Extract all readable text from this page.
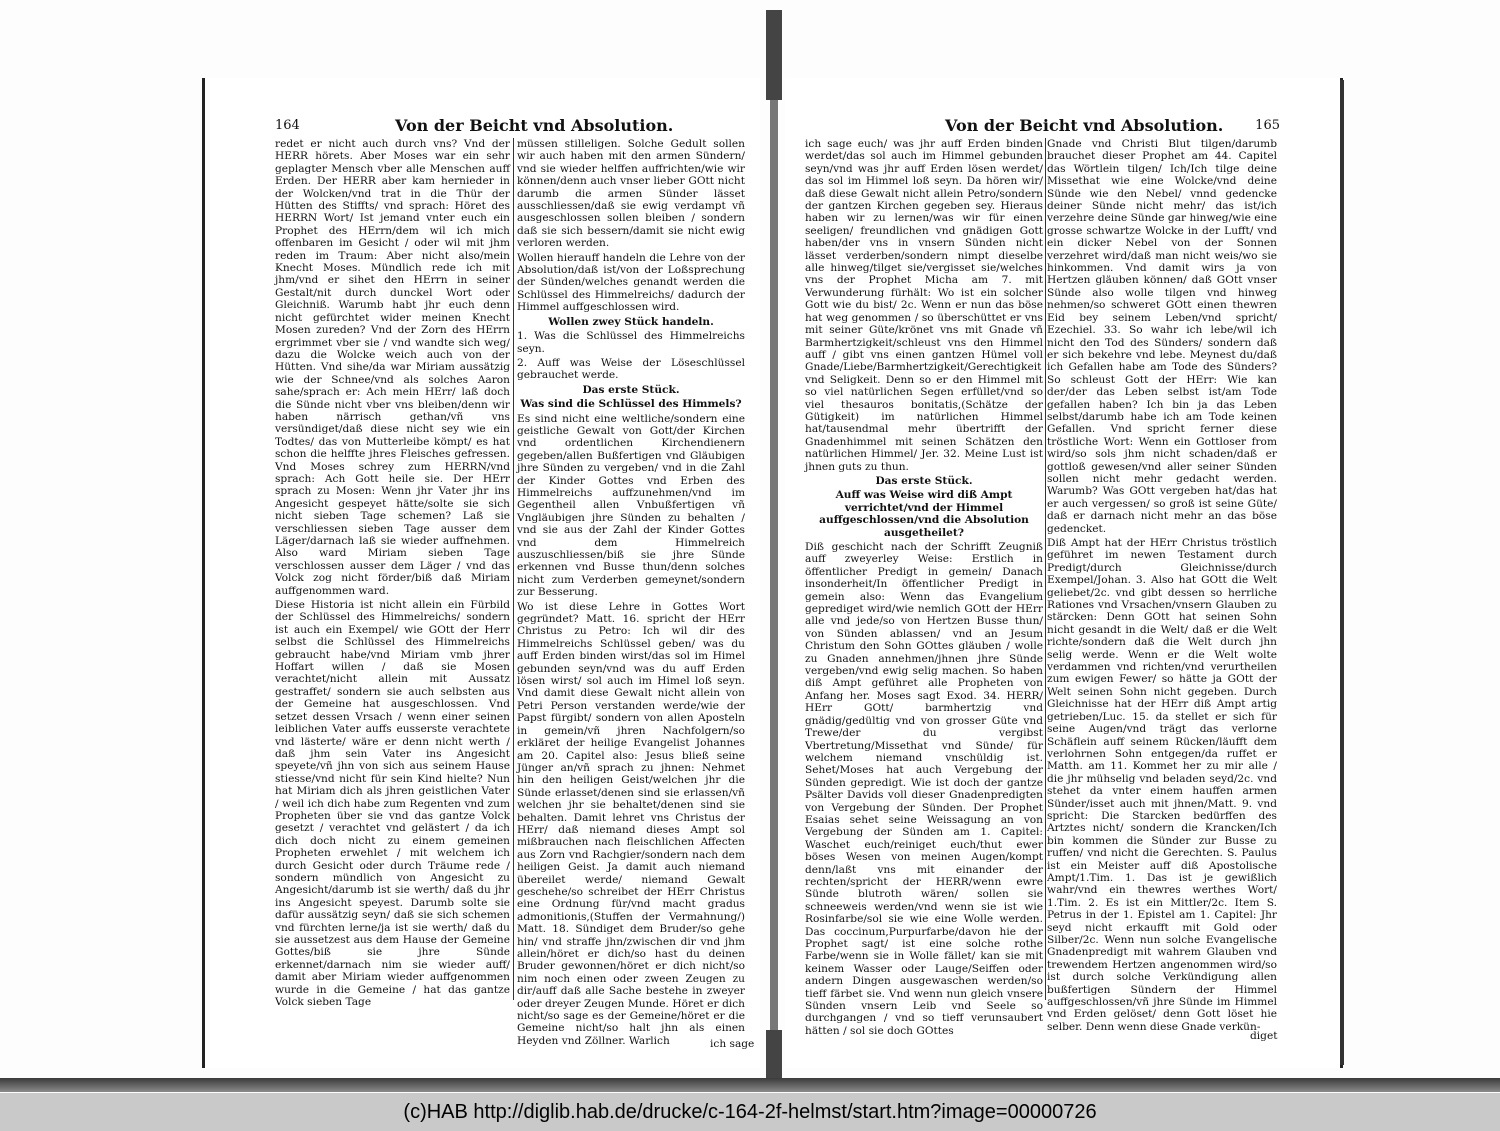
164	Von der Beicht vnd Absolution.

redet er nicht auch durch vns? Vnd der HERR hörets. Aber Moses war ein sehr geplagter Mensch vber alle Menschen auff Erden. Der HERR aber kam hernieder in der Wolcken/vnd trat in die Thür der Hütten des Stiffts/ vnd sprach: Höret des HERRN Wort/ Ist jemand vnter euch ein Prophet des HErrn/dem wil ich mich offenbaren im Gesicht / oder wil mit jhm reden im Traum: Aber nicht also/mein Knecht Moses. Mündlich rede ich mit jhm/vnd er sihet den HErrn in seiner Gestalt/nit durch dunckel Wort oder Gleichniß. Warumb habt jhr euch denn nicht gefürchtet wider meinen Knecht Mosen zureden? Vnd der Zorn des HErrn ergrimmet vber sie / vnd wandte sich weg/ dazu die Wolcke weich auch von der Hütten. Vnd sihe/da war Miriam aussätzig wie der Schnee/vnd als solches Aaron sahe/sprach er: Ach mein HErr/ laß doch die Sünde nicht vber vns bleiben/denn wir haben närrisch gethan/vñ vns versündiget/daß diese nicht sey wie ein Todtes/ das von Mutterleibe kömpt/ es hat schon die helffte jhres Fleisches gefressen. Vnd Moses schrey zum HERRN/vnd sprach: Ach Gott heile sie. Der HErr sprach zu Mosen: Wenn jhr Vater jhr ins Angesicht gespeyet hätte/solte sie sich nicht sieben Tage schemen? Laß sie verschliessen sieben Tage ausser dem Läger/darnach laß sie wieder auffnehmen. Also ward Miriam sieben Tage verschlossen ausser dem Läger / vnd das Volck zog nicht förder/biß daß Miriam auffgenommen ward.

Diese Historia ist nicht allein ein Fürbild der Schlüssel des Himmelreichs/ sondern ist auch ein Exempel/ wie GOtt der Herr selbst die Schlüssel des Himmelreichs gebraucht habe/vnd Miriam vmb jhrer Hoffart willen / daß sie Mosen verachtet/nicht allein mit Aussatz gestraffet/ sondern sie auch selbsten aus der Gemeine hat ausgeschlossen. Vnd setzet dessen Vrsach / wenn einer seinen leiblichen Vater auffs eusserste verachtete vnd lästerte/ wäre er denn nicht werth / daß jhm sein Vater ins Angesicht speyete/vñ jhn von sich aus seinem Hause stiesse/vnd nicht für sein Kind hielte? Nun hat Miriam dich als jhren geistlichen Vater / weil ich dich habe zum Regenten vnd zum Propheten über sie vnd das gantze Volck gesetzt / verachtet vnd gelästert / da ich dich doch nicht zu einem gemeinen Propheten erwehlet / mit welchem ich durch Gesicht oder durch Träume rede / sondern mündlich von Angesicht zu Angesicht/darumb ist sie werth/ daß du jhr ins Angesicht speyest. Darumb solte sie dafür aussätzig seyn/ daß sie sich schemen vnd fürchten lerne/ja ist sie werth/ daß du sie aussetzest aus dem Hause der Gemeine Gottes/biß sie jhre Sünde erkennet/darnach nim sie wieder auff/ damit aber Miriam wieder auffgenommen wurde in die Gemeine / hat das gantze Volck sieben Tage

müssen stilleligen. Solche Gedult sollen wir auch haben mit den armen Sündern/ vnd sie wieder helffen auffrichten/wie wir können/denn auch vnser lieber GOtt nicht darumb die armen Sünder lässet ausschliessen/daß sie ewig verdampt vñ ausgeschlossen sollen bleiben / sondern daß sie sich bessern/damit sie nicht ewig verloren werden.

Wollen hierauff handeln die Lehre von der Absolution/daß ist/von der Loßsprechung der Sünden/welches genandt werden die Schlüssel des Himmelreichs/ dadurch der Himmel auffgeschlossen wird.

Wollen zwey Stück handeln.

1. Was die Schlüssel des Himmelreichs seyn.

2. Auff was Weise der Löseschlüssel gebrauchet werde.

Das erste Stück.

Was sind die Schlüssel des Himmels?

Es sind nicht eine weltliche/sondern eine geistliche Gewalt von Gott/der Kirchen vnd ordentlichen Kirchendienern gegeben/allen Bußfertigen vnd Gläubigen jhre Sünden zu vergeben/ vnd in die Zahl der Kinder Gottes vnd Erben des Himmelreichs auffzunehmen/vnd im Gegentheil allen Vnbußfertigen vñ Vngläubigen jhre Sünden zu behalten / vnd sie aus der Zahl der Kinder Gottes vnd dem Himmelreich auszuschliessen/biß sie jhre Sünde erkennen vnd Busse thun/denn solches nicht zum Verderben gemeynet/sondern zur Besserung.

Wo ist diese Lehre in Gottes Wort gegründet? Matt. 16. spricht der HErr Christus zu Petro: Ich wil dir des Himmelreichs Schlüssel geben/ was du auff Erden binden wirst/das sol im Himel gebunden seyn/vnd was du auff Erden lösen wirst/ sol auch im Himel loß seyn. Vnd damit diese Gewalt nicht allein von Petri Person verstanden werde/wie der Papst fürgibt/ sondern von allen Aposteln in gemein/vñ jhren Nachfolgern/so erkläret der heilige Evangelist Johannes am 20. Capitel also: Jesus bließ seine Jünger an/vñ sprach zu jhnen: Nehmet hin den heiligen Geist/welchen jhr die Sünde erlasset/denen sind sie erlassen/vñ welchen jhr sie behaltet/denen sind sie behalten. Damit lehret vns Christus der HErr/ daß niemand dieses Ampt sol mißbrauchen nach fleischlichen Affecten aus Zorn vnd Rachgier/sondern nach dem heiligen Geist. Ja damit auch niemand übereilet werde/ niemand Gewalt geschehe/so schreibet der HErr Christus eine Ordnung für/vnd macht gradus admonitionis,(Stuffen der Vermahnung/) Matt. 18. Sündiget dem Bruder/so gehe hin/ vnd straffe jhn/zwischen dir vnd jhm allein/höret er dich/so hast du deinen Bruder gewonnen/höret er dich nicht/so nim noch einen oder zween Zeugen zu dir/auff daß alle Sache bestehe in zweyer oder dreyer Zeugen Munde. Höret er dich nicht/so sage es der Gemeine/höret er die Gemeine nicht/so halt jhn als einen Heyden vnd Zöllner. Warlich	ich sage
Von der Beicht vnd Absolution. 165

ich sage euch/ was jhr auff Erden binden werdet/das sol auch im Himmel gebunden seyn/vnd was jhr auff Erden lösen werdet/ das sol im Himmel loß seyn. Da hören wir/ daß diese Gewalt nicht allein Petro/sondern der gantzen Kirchen gegeben sey. Hieraus haben wir zu lernen/was wir für einen seeligen/ freundlichen vnd gnädigen Gott haben/der vns in vnsern Sünden nicht lässet verderben/sondern nimpt dieselbe alle hinweg/tilget sie/vergisset sie/welches vns der Prophet Micha am 7. mit Verwunderung fürhält: Wo ist ein solcher Gott wie du bist/ 2c. Wenn er nun das böse hat weg genommen / so überschüttet er vns mit seiner Güte/krönet vns mit Gnade vñ Barmhertzigkeit/schleust vns den Himmel auff / gibt vns einen gantzen Hümel voll Gnade/Liebe/Barmhertzigkeit/Gerechtigkeit vnd Seligkeit. Denn so er den Himmel mit so viel natürlichen Segen erfüllet/vnd so viel thesauros bonitatis,(Schätze der Gütigkeit) im natürlichen Himmel hat/tausendmal mehr übertrifft der Gnadenhimmel mit seinen Schätzen den natürlichen Himmel/ Jer. 32. Meine Lust ist jhnen guts zu thun.

Das erste Stück.

Auff was Weise wird diß Ampt verrichtet/vnd der Himmel auffgeschlossen/vnd die Absolution ausgetheilet?

Diß geschicht nach der Schrifft Zeugniß auff zweyerley Weise: Erstlich in öffentlicher Predigt in gemein/ Danach insonderheit/In öffentlicher Predigt in gemein also: Wenn das Evangelium geprediget wird/wie nemlich GOtt der HErr alle vnd jede/so von Hertzen Busse thun/ von Sünden ablassen/ vnd an Jesum Christum den Sohn GOttes gläuben / wolle zu Gnaden annehmen/jhnen jhre Sünde vergeben/vnd ewig selig machen. So haben diß Ampt geführet alle Propheten von Anfang her. Moses sagt Exod. 34. HERR/ HErr GOtt/ barmhertzig vnd gnädig/gedültig vnd von grosser Güte vnd Trewe/der du vergibst Vbertretung/Missethat vnd Sünde/ für welchem niemand vnschüldig ist. Sehet/Moses hat auch Vergebung der Sünden gepredigt. Wie ist doch der gantze Psälter Davids voll dieser Gnadenpredigten von Vergebung der Sünden. Der Prophet Esaias sehet seine Weissagung an von Vergebung der Sünden am 1. Capitel: Waschet euch/reiniget euch/thut ewer böses Wesen von meinen Augen/kompt denn/laßt vns mit einander der rechten/spricht der HERR/wenn ewre Sünde blutroth wären/ sollen sie schneeweis werden/vnd wenn sie ist wie Rosinfarbe/sol sie wie eine Wolle werden. Das coccinum,Purpurfarbe/davon hie der Prophet sagt/ ist eine solche rothe Farbe/wenn sie in Wolle fället/ kan sie mit keinem Wasser oder Lauge/Seiffen oder andern Dingen ausgewaschen werden/so tieff färbet sie. Vnd wenn nun gleich vnsere Sünden vnsern Leib vnd Seele so durchgangen / vnd so tieff verunsaubert hätten / sol sie doch GOttes

Gnade vnd Christi Blut tilgen/darumb brauchet dieser Prophet am 44. Capitel das Wörtlein tilgen/ Ich/Ich tilge deine Missethat wie eine Wolcke/vnd deine Sünde wie den Nebel/ vnnd gedencke deiner Sünde nicht mehr/ das ist/ich verzehre deine Sünde gar hinweg/wie eine grosse schwartze Wolcke in der Lufft/ vnd ein dicker Nebel von der Sonnen verzehret wird/daß man nicht weis/wo sie hinkommen. Vnd damit wirs ja von Hertzen gläuben können/ daß GOtt vnser Sünde also wolle tilgen vnd hinweg nehmen/so schweret GOtt einen thewren Eid bey seinem Leben/vnd spricht/ Ezechiel. 33. So wahr ich lebe/wil ich nicht den Tod des Sünders/ sondern daß er sich bekehre vnd lebe. Meynest du/daß ich Gefallen habe am Tode des Sünders? So schleust Gott der HErr: Wie kan der/der das Leben selbst ist/am Tode gefallen haben? Ich bin ja das Leben selbst/darumb habe ich am Tode keinen Gefallen. Vnd spricht ferner diese tröstliche Wort: Wenn ein Gottloser from wird/so sols jhm nicht schaden/daß er gottloß gewesen/vnd aller seiner Sünden sollen nicht mehr gedacht werden. Warumb? Was GOtt vergeben hat/das hat er auch vergessen/ so groß ist seine Güte/ daß er darnach nicht mehr an das böse gedencket.

Diß Ampt hat der HErr Christus tröstlich geführet im newen Testament durch Predigt/durch Gleichnisse/durch Exempel/Johan. 3. Also hat GOtt die Welt geliebet/2c. vnd gibt dessen so herrliche Rationes vnd Vrsachen/vnsern Glauben zu stärcken: Denn GOtt hat seinen Sohn nicht gesandt in die Welt/ daß er die Welt richte/sondern daß die Welt durch jhn selig werde. Wenn er die Welt wolte verdammen vnd richten/vnd verurtheilen zum ewigen Fewer/ so hätte ja GOtt der Welt seinen Sohn nicht gegeben. Durch Gleichnisse hat der HErr diß Ampt artig getrieben/Luc. 15. da stellet er sich für seine Augen/vnd trägt das verlorne Schäflein auff seinem Rücken/läufft dem verlohrnen Sohn entgegen/da ruffet er Matth. am 11. Kommet her zu mir alle / die jhr mühselig vnd beladen seyd/2c. vnd stehet da vnter einem hauffen armen Sünder/isset auch mit jhnen/Matt. 9. vnd spricht: Die Starcken bedürffen des Artztes nicht/ sondern die Krancken/Ich bin kommen die Sünder zur Busse zu ruffen/ vnd nicht die Gerechten. S. Paulus ist ein Meister auff diß Apostolische Ampt/1.Tim. 1. Das ist je gewißlich wahr/vnd ein thewres werthes Wort/ 1.Tim. 2. Es ist ein Mittler/2c. Item S. Petrus in der 1. Epistel am 1. Capitel: Jhr seyd nicht erkaufft mit Gold oder Silber/2c. Wenn nun solche Evangelische Gnadenpredigt mit wahrem Glauben vnd trewendem Hertzen angenommen wird/so ist durch solche Verkündigung allen bußfertigen Sündern der Himmel auffgeschlossen/vñ jhre Sünde im Himmel vnd Erden gelöset/ denn Gott löset hie selber. Denn wenn diese Gnade verkün-

diget
(c)HAB http://diglib.hab.de/drucke/c-164-2f-helmst/start.htm?image=00000726
